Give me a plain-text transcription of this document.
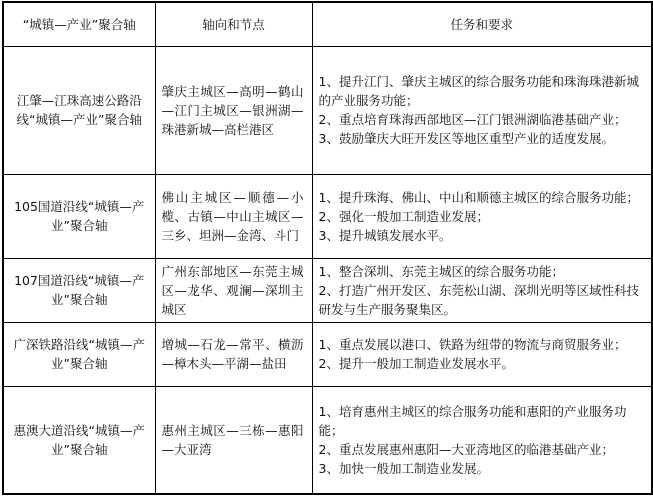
“城镇—产业”聚合轴	轴向和节点	任务和要求
江肇—江珠高速公路沿线“城镇—产业”聚合轴	肇庆主城区—高明—鹤山—江门主城区—银洲湖—珠港新城—高栏港区	1、提升江门、肇庆主城区的综合服务功能和珠海珠港新城的产业服务功能；
2、重点培育珠海西部地区—江门银洲湖临港基础产业；
3、鼓励肇庆大旺开发区等地区重型产业的适度发展。

105国道沿线“城镇—产业”聚合轴	佛山主城区—顺德—小榄、古镇—中山主城区—三乡、坦洲—金湾、斗门	1、提升珠海、佛山、中山和顺德主城区的综合服务功能；
2、强化一般加工制造业发展；
3、提升城镇发展水平。

107国道沿线“城镇—产业”聚合轴	广州东部地区—东莞主城区—龙华、观澜—深圳主城区	1、整合深圳、东莞主城区的综合服务功能；
2、打造广州开发区、东莞松山湖、深圳光明等区域性科技研发与生产服务聚集区。

广深铁路沿线“城镇—产业”聚合轴	增城—石龙—常平、横沥—樟木头—平湖—盐田	1、重点发展以港口、铁路为纽带的物流与商贸服务业；
2、提升一般加工制造业发展水平。

惠澳大道沿线“城镇—产业”聚合轴	惠州主城区—三栋—惠阳—大亚湾	1、培育惠州主城区的综合服务功能和惠阳的产业服务功能；
2、重点发展惠州惠阳—大亚湾地区的临港基础产业；
3、加快一般加工制造业发展。
